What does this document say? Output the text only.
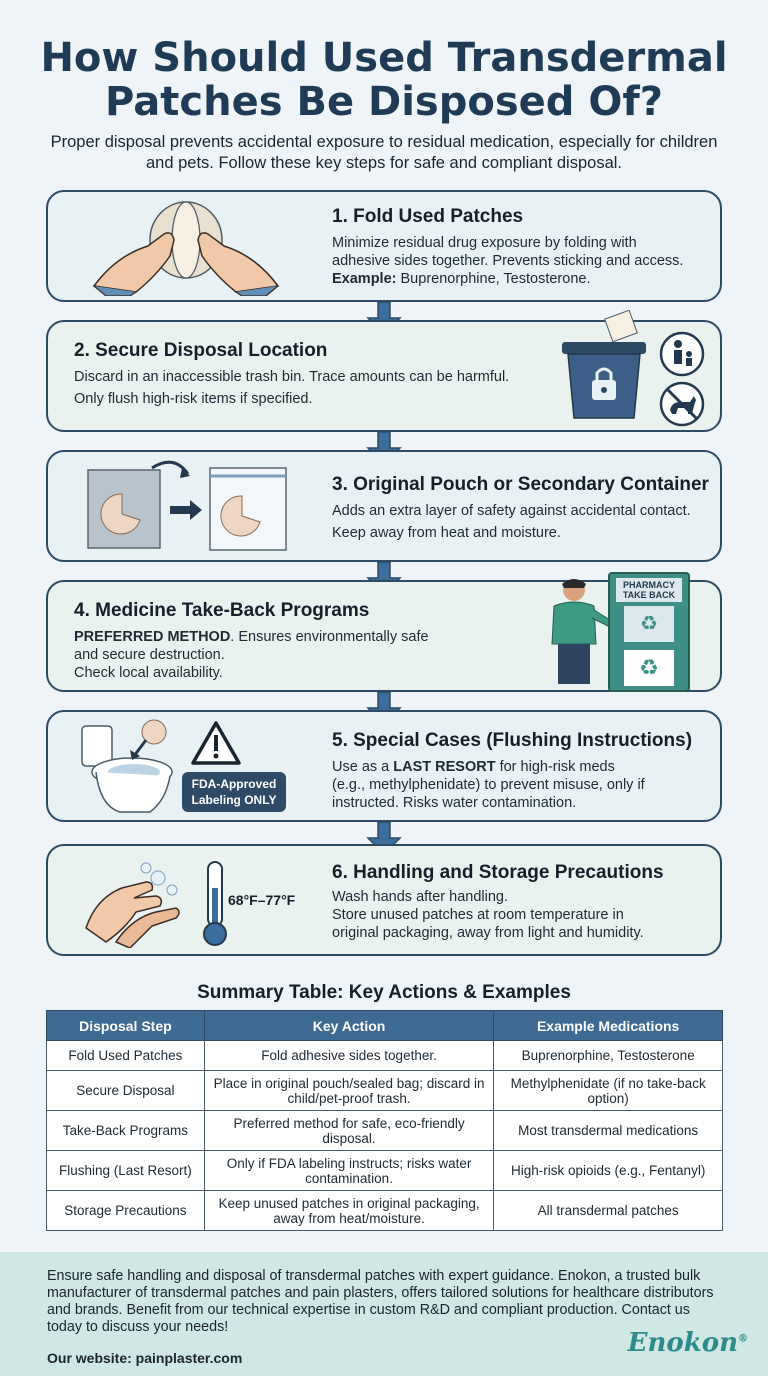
How Should Used Transdermal
Patches Be Disposed Of?
Proper disposal prevents accidental exposure to residual medication, especially for children and pets. Follow these key steps for safe and compliant disposal.
1. Fold Used Patches

Minimize residual drug exposure by folding with

adhesive sides together. Prevents sticking and access.

Example: Buprenorphine, Testosterone.

2. Secure Disposal Location

Discard in an inaccessible trash bin. Trace amounts can be harmful.

Only flush high-risk items if specified.

3. Original Pouch or Secondary Container

Adds an extra layer of safety against accidental contact.

Keep away from heat and moisture.

4. Medicine Take-Back Programs

PREFERRED METHOD. Ensures environmentally safe

and secure destruction.

Check local availability.

PHARMACY TAKE BACK
♻
♻
FDA-Approved
Labeling ONLY
5. Special Cases (Flushing Instructions)

Use as a LAST RESORT for high-risk meds

(e.g., methylphenidate) to prevent misuse, only if

instructed. Risks water contamination.

68°F–77°F
6. Handling and Storage Precautions

Wash hands after handling.

Store unused patches at room temperature in

original packaging, away from light and humidity.

Summary Table: Key Actions & Examples
Disposal Step	Key Action	Example Medications
Fold Used Patches	Fold adhesive sides together.	Buprenorphine, Testosterone
Secure Disposal	Place in original pouch/sealed bag; discard in child/pet-proof trash.	Methylphenidate (if no take-back option)
Take-Back Programs	Preferred method for safe, eco-friendly disposal.	Most transdermal medications
Flushing (Last Resort)	Only if FDA labeling instructs; risks water contamination.	High-risk opioids (e.g., Fentanyl)
Storage Precautions	Keep unused patches in original packaging, away from heat/moisture.	All transdermal patches

Ensure safe handling and disposal of transdermal patches with expert guidance. Enokon, a trusted bulk manufacturer of transdermal patches and pain plasters, offers tailored solutions for healthcare distributors and brands. Benefit from our technical expertise in custom R&D and compliant production. Contact us today to discuss your needs!

Our website: painplaster.com	Enokon®
